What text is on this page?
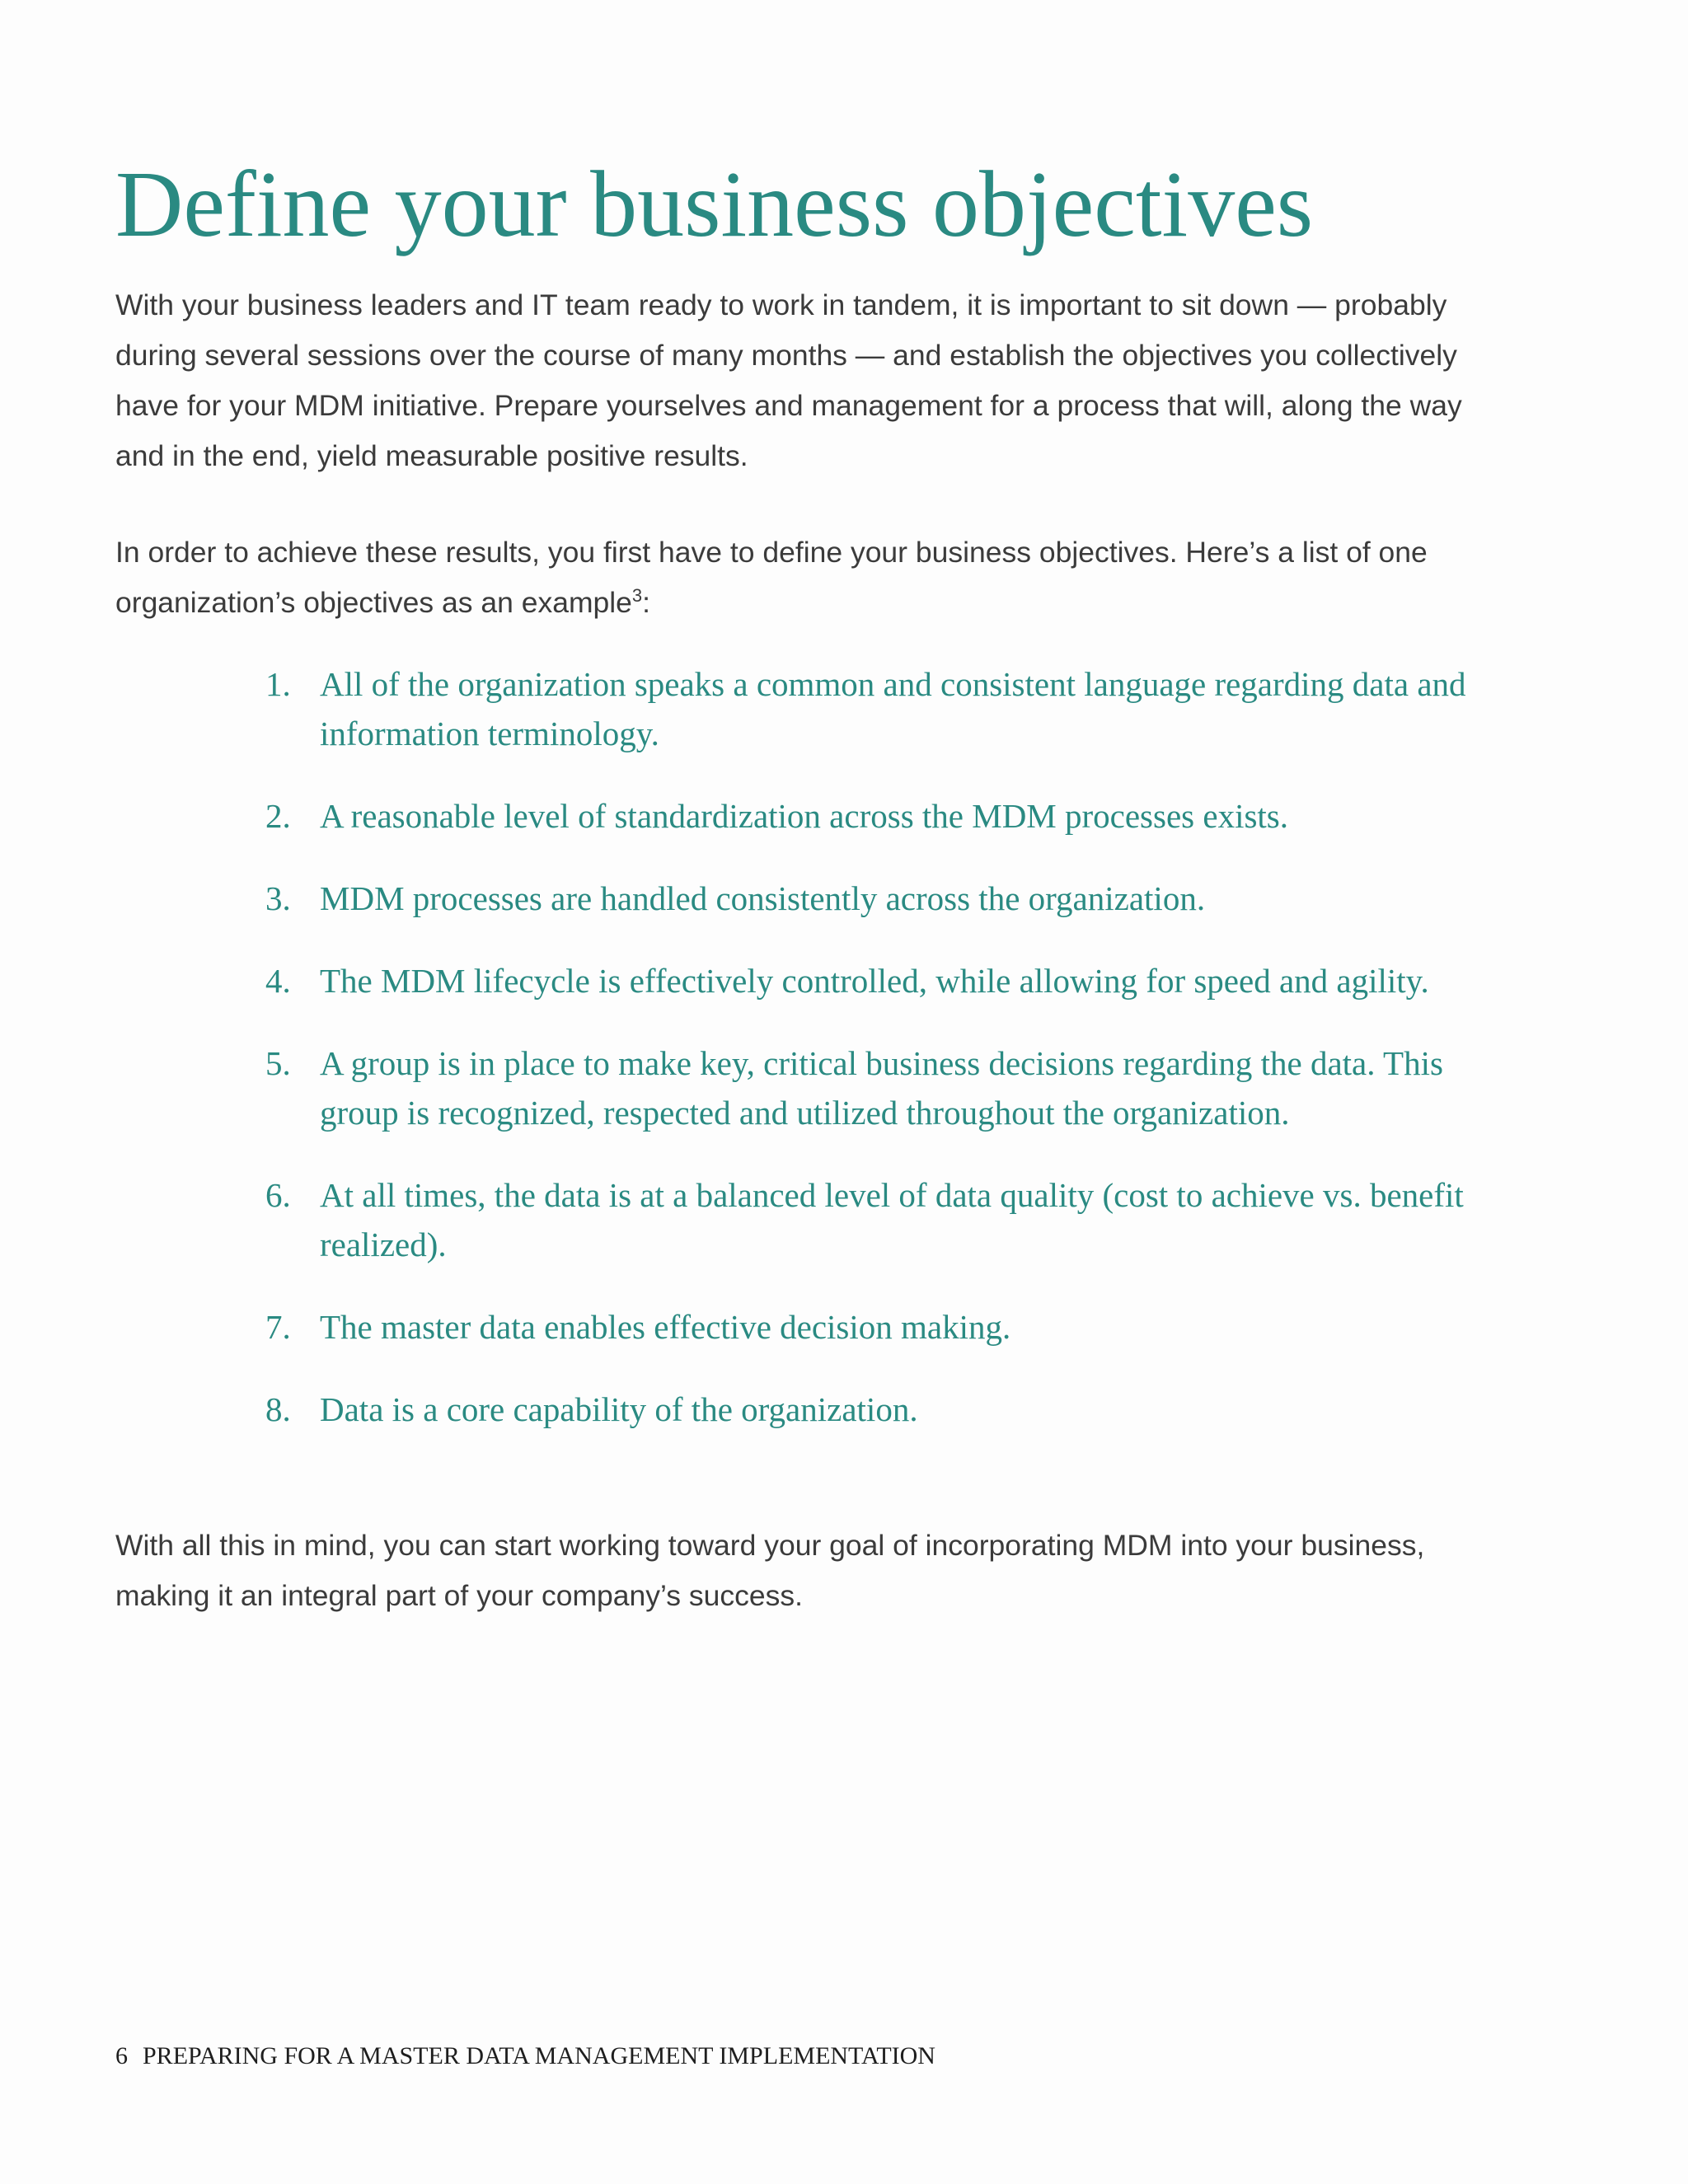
Define your business objectives

With your business leaders and IT team ready to work in tandem, it is important to sit down — probably during several sessions over the course of many months — and establish the objectives you collectively have for your MDM initiative. Prepare yourselves and management for a process that will, along the way and in the end, yield measurable positive results.

In order to achieve these results, you first have to define your business objectives. Here’s a list of one organization’s objectives as an example$^3$:

1. All of the organization speaks a common and consistent language regarding data and information terminology.
2. A reasonable level of standardization across the MDM processes exists.
3. MDM processes are handled consistently across the organization.
4. The MDM lifecycle is effectively controlled, while allowing for speed and agility.
5. A group is in place to make key, critical business decisions regarding the data. This group is recognized, respected and utilized throughout the organization.
6. At all times, the data is at a balanced level of data quality (cost to achieve vs. benefit realized).
7. The master data enables effective decision making.
8. Data is a core capability of the organization.

With all this in mind, you can start working toward your goal of incorporating MDM into your business, making it an integral part of your company’s success.

6 PREPARING FOR A MASTER DATA MANAGEMENT IMPLEMENTATION
